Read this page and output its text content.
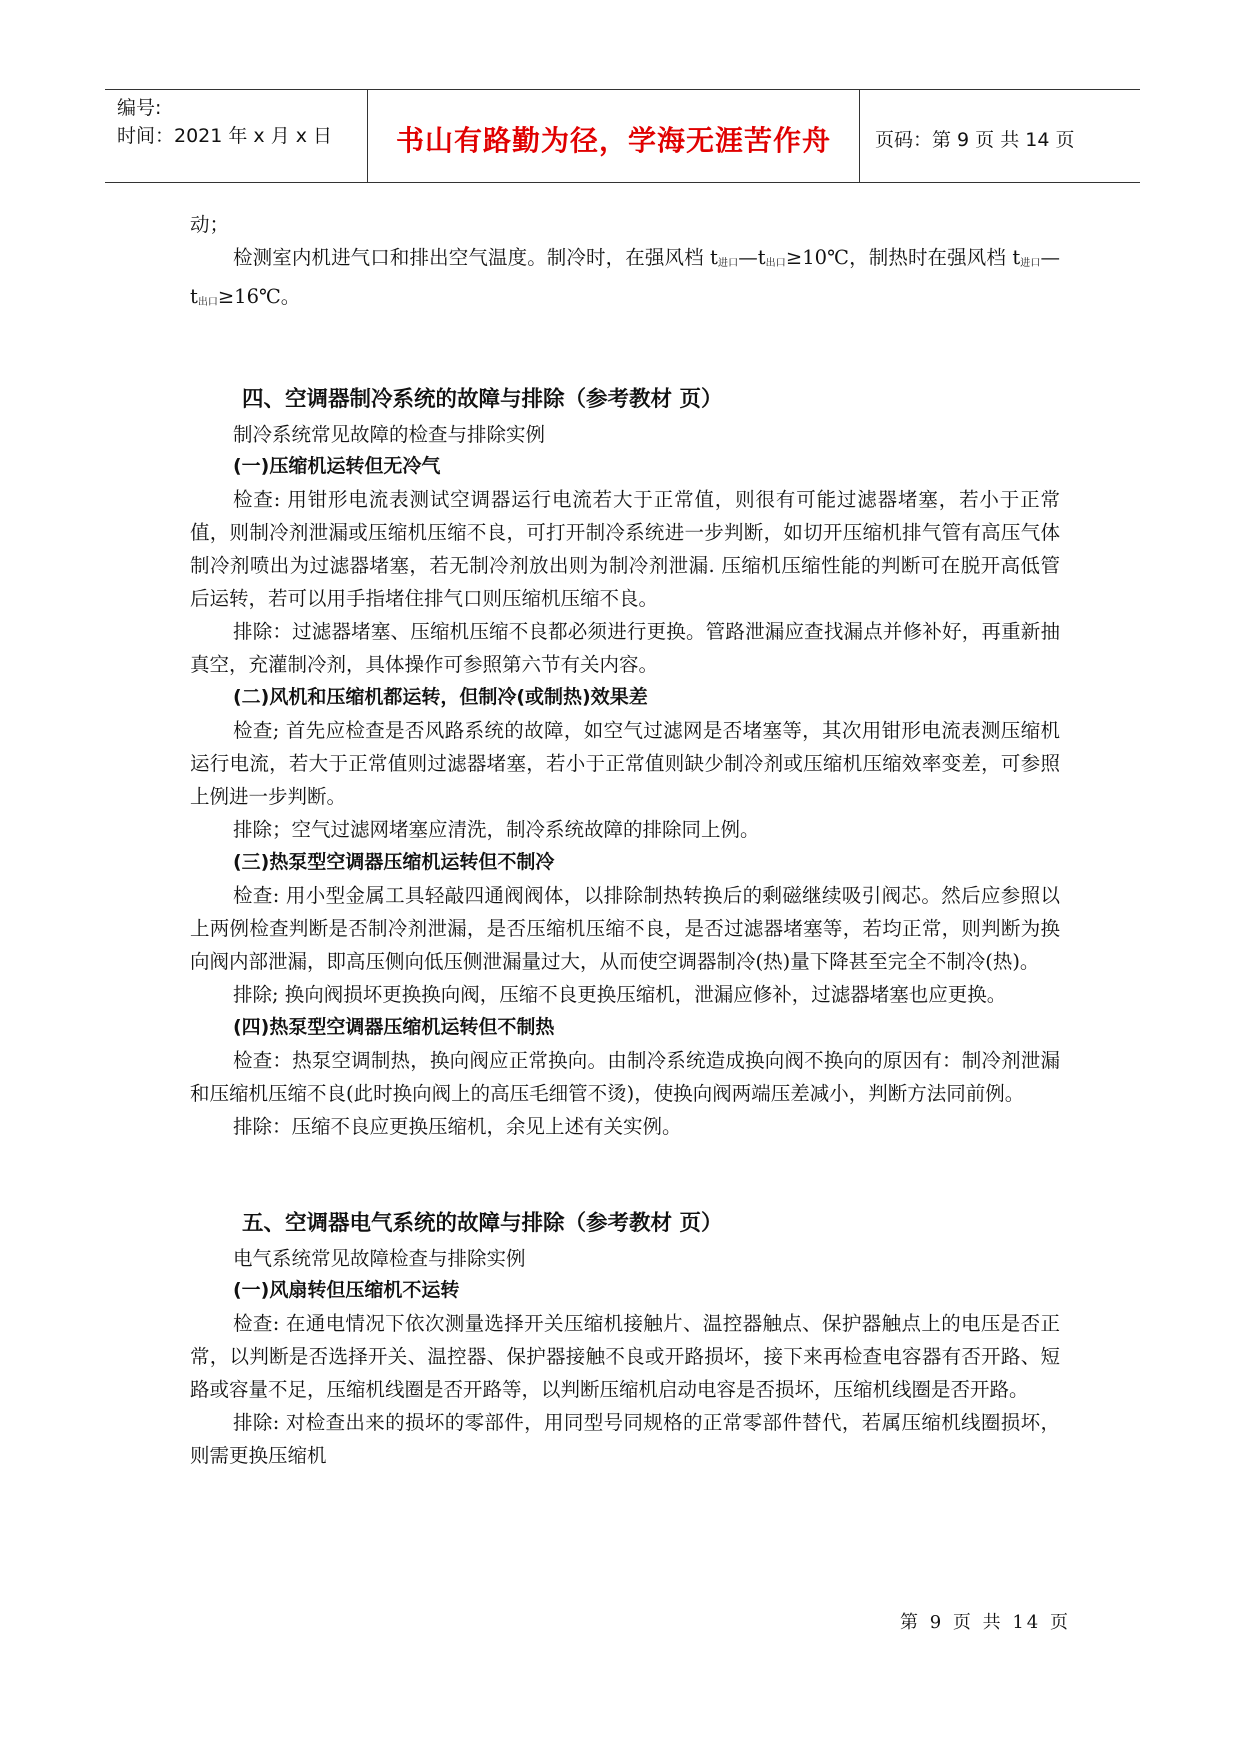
编号:
时间：2021 年 x 月 x 日	书山有路勤为径，学海无涯苦作舟	页码：第 9 页 共 14 页

动；

检测室内机进气口和排出空气温度。制冷时，在强风档 t进口—t出口≥10℃，制热时在强风档 t进口—t出口≥16℃。

四、空调器制冷系统的故障与排除（参考教材 页）

制冷系统常见故障的检查与排除实例

(一)压缩机运转但无冷气

检查: 用钳形电流表测试空调器运行电流若大于正常值，则很有可能过滤器堵塞，若小于正常值，则制冷剂泄漏或压缩机压缩不良，可打开制冷系统进一步判断，如切开压缩机排气管有高压气体制冷剂喷出为过滤器堵塞，若无制冷剂放出则为制冷剂泄漏. 压缩机压缩性能的判断可在脱开高低管后运转，若可以用手指堵住排气口则压缩机压缩不良。

排除：过滤器堵塞、压缩机压缩不良都必须进行更换。管路泄漏应查找漏点并修补好，再重新抽真空，充灌制冷剂，具体操作可参照第六节有关内容。

(二)风机和压缩机都运转，但制冷(或制热)效果差

检查; 首先应检查是否风路系统的故障，如空气过滤网是否堵塞等，其次用钳形电流表测压缩机运行电流，若大于正常值则过滤器堵塞，若小于正常值则缺少制冷剂或压缩机压缩效率变差，可参照上例进一步判断。

排除；空气过滤网堵塞应清洗，制冷系统故障的排除同上例。

(三)热泵型空调器压缩机运转但不制冷

检查: 用小型金属工具轻敲四通阀阀体，以排除制热转换后的剩磁继续吸引阀芯。然后应参照以上两例检查判断是否制冷剂泄漏，是否压缩机压缩不良，是否过滤器堵塞等，若均正常，则判断为换向阀内部泄漏，即高压侧向低压侧泄漏量过大，从而使空调器制冷(热)量下降甚至完全不制冷(热)。

排除; 换向阀损坏更换换向阀，压缩不良更换压缩机，泄漏应修补，过滤器堵塞也应更换。

(四)热泵型空调器压缩机运转但不制热

检查：热泵空调制热，换向阀应正常换向。由制冷系统造成换向阀不换向的原因有：制冷剂泄漏和压缩机压缩不良(此时换向阀上的高压毛细管不烫)，使换向阀两端压差减小，判断方法同前例。

排除：压缩不良应更换压缩机，余见上述有关实例。

五、空调器电气系统的故障与排除（参考教材 页）

电气系统常见故障检查与排除实例

(一)风扇转但压缩机不运转

检查: 在通电情况下依次测量选择开关压缩机接触片、温控器触点、保护器触点上的电压是否正常，以判断是否选择开关、温控器、保护器接触不良或开路损坏，接下来再检查电容器有否开路、短路或容量不足，压缩机线圈是否开路等，以判断压缩机启动电容是否损坏，压缩机线圈是否开路。

排除: 对检查出来的损坏的零部件，用同型号同规格的正常零部件替代，若属压缩机线圈损坏，则需更换压缩机

第 9 页 共 14 页
